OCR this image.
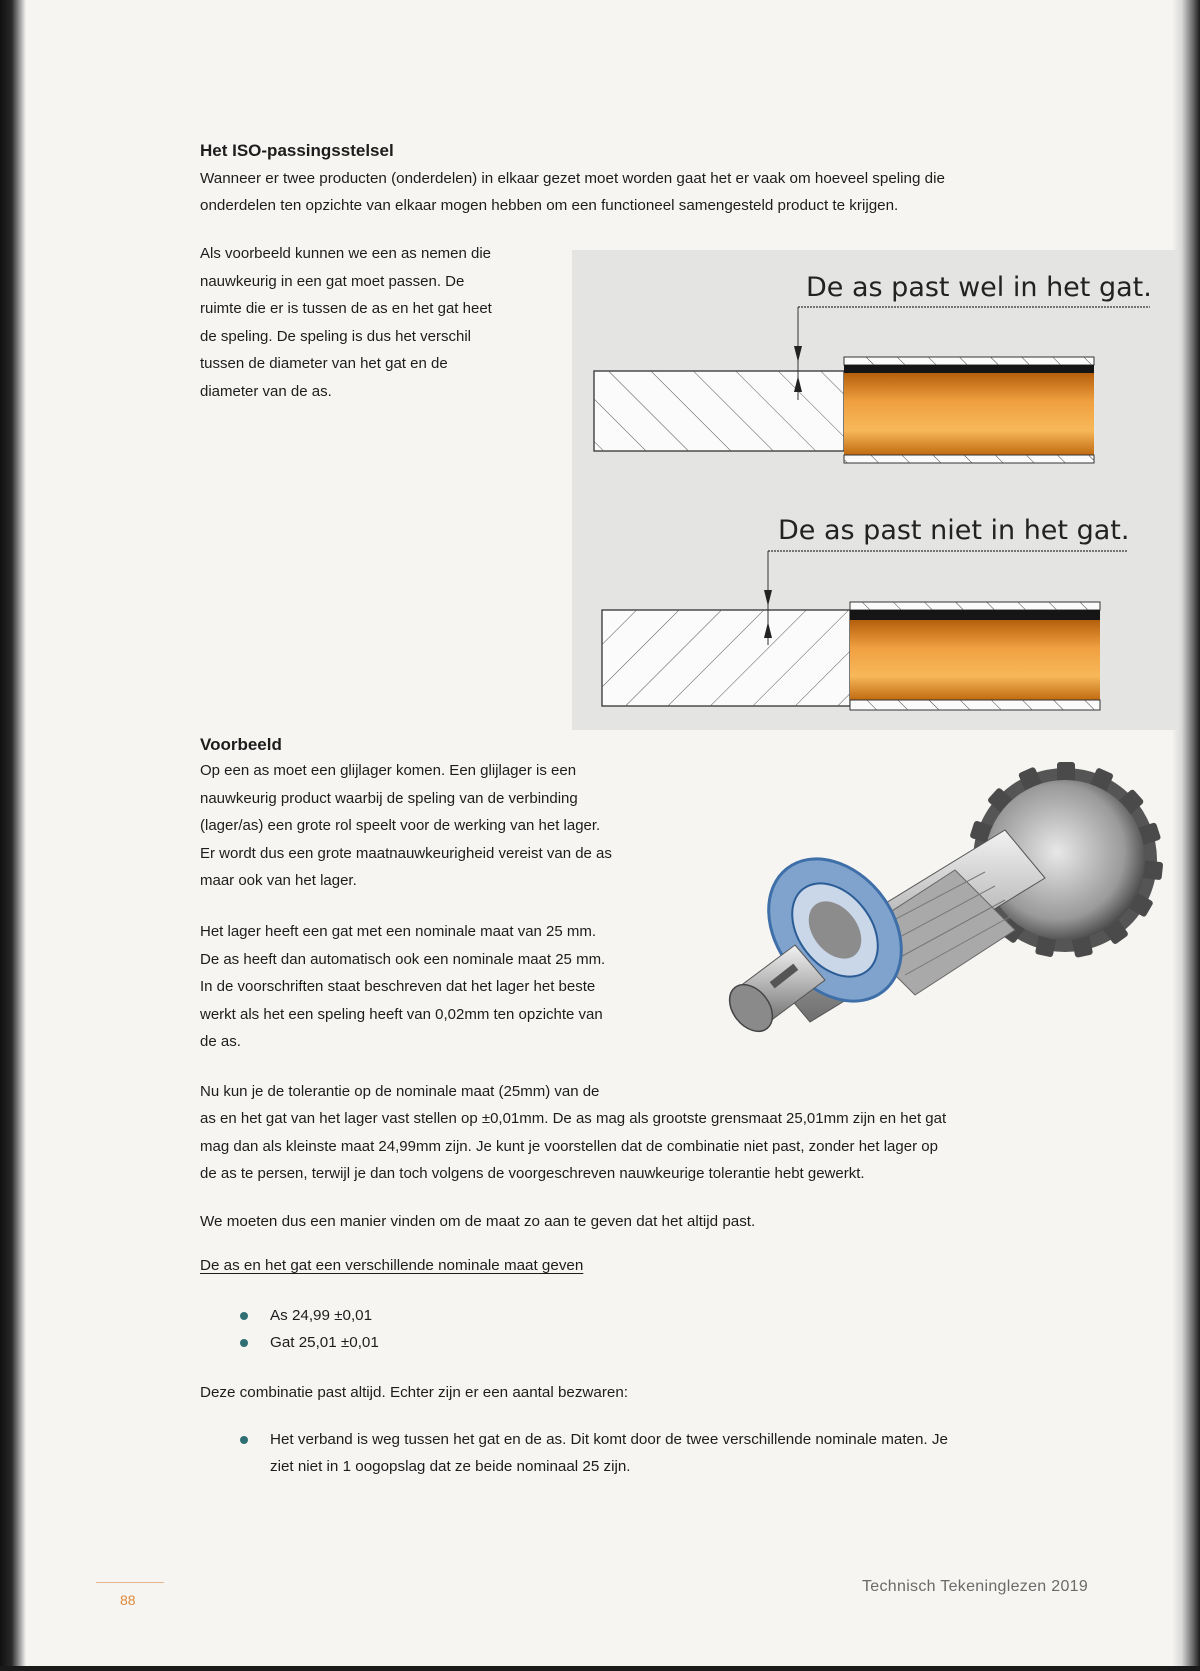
Het ISO-passingsstelsel

Wanneer er twee producten (onderdelen) in elkaar gezet moet worden gaat het er vaak om hoeveel speling die

onderdelen ten opzichte van elkaar mogen hebben om een functioneel samengesteld product te krijgen.

Als voorbeeld kunnen we een as nemen die
nauwkeurig in een gat moet passen. De
ruimte die er is tussen de as en het gat heet
de speling. De speling is dus het verschil
tussen de diameter van het gat en de
diameter van de as.
De as past wel in het gat.
De as past niet in het gat.
Voorbeeld
Op een as moet een glijlager komen. Een glijlager is een
nauwkeurig product waarbij de speling van de verbinding
(lager/as) een grote rol speelt voor de werking van het lager.
Er wordt dus een grote maatnauwkeurigheid vereist van de as
maar ook van het lager.
Het lager heeft een gat met een nominale maat van 25 mm.
De as heeft dan automatisch ook een nominale maat 25 mm.
In de voorschriften staat beschreven dat het lager het beste
werkt als het een speling heeft van 0,02mm ten opzichte van
de as.
Nu kun je de tolerantie op de nominale maat (25mm) van de
as en het gat van het lager vast stellen op ±0,01mm. De as mag als grootste grensmaat 25,01mm zijn en het gat
mag dan als kleinste maat 24,99mm zijn. Je kunt je voorstellen dat de combinatie niet past, zonder het lager op
de as te persen, terwijl je dan toch volgens de voorgeschreven nauwkeurige tolerantie hebt gewerkt.

We moeten dus een manier vinden om de maat zo aan te geven dat het altijd past.

De as en het gat een verschillende nominale maat geven
As 24,99 ±0,01
Gat 25,01 ±0,01

Deze combinatie past altijd. Echter zijn er een aantal bezwaren:

Het verband is weg tussen het gat en de as. Dit komt door de twee verschillende nominale maten. Je
ziet niet in 1 oogopslag dat ze beide nominaal 25 zijn.
88
Technisch Tekeninglezen 2019
